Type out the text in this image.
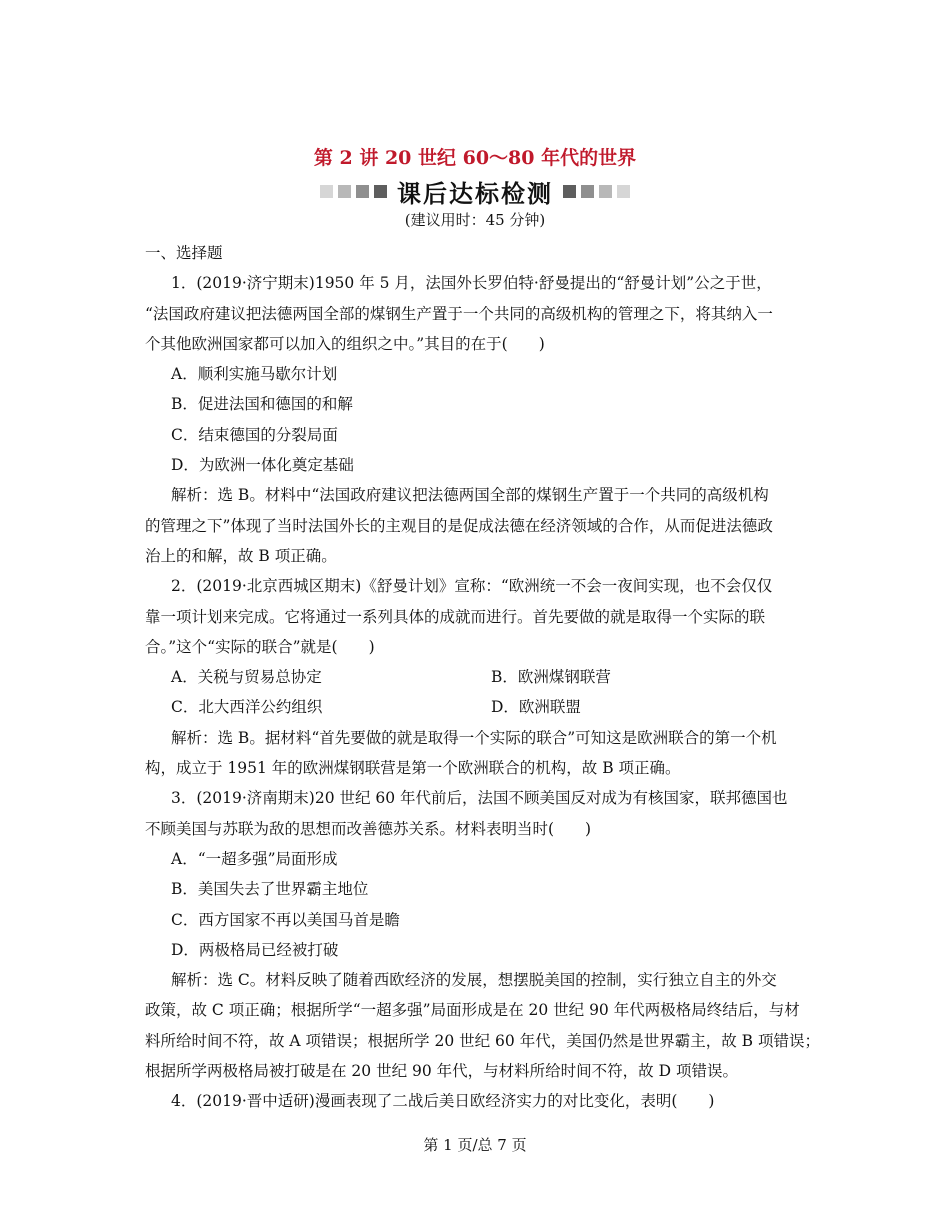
第 2 讲 20 世纪 60～80 年代的世界
课后达标检测
(建议用时：45 分钟)
一、选择题
1．(2019·济宁期末)1950 年 5 月，法国外长罗伯特·舒曼提出的“舒曼计划”公之于世，
“法国政府建议把法德两国全部的煤钢生产置于一个共同的高级机构的管理之下，将其纳入一
个其他欧洲国家都可以加入的组织之中。”其目的在于(　　)
A．顺利实施马歇尔计划
B．促进法国和德国的和解
C．结束德国的分裂局面
D．为欧洲一体化奠定基础
解析：选 B。材料中“法国政府建议把法德两国全部的煤钢生产置于一个共同的高级机构
的管理之下”体现了当时法国外长的主观目的是促成法德在经济领域的合作，从而促进法德政
治上的和解，故 B 项正确。
2．(2019·北京西城区期末)《舒曼计划》宣称：“欧洲统一不会一夜间实现，也不会仅仅
靠一项计划来完成。它将通过一系列具体的成就而进行。首先要做的就是取得一个实际的联
合。”这个“实际的联合”就是(　　)
A．关税与贸易总协定	B．欧洲煤钢联营
C．北大西洋公约组织	D．欧洲联盟
解析：选 B。据材料“首先要做的就是取得一个实际的联合”可知这是欧洲联合的第一个机
构，成立于 1951 年的欧洲煤钢联营是第一个欧洲联合的机构，故 B 项正确。
3．(2019·济南期末)20 世纪 60 年代前后，法国不顾美国反对成为有核国家，联邦德国也
不顾美国与苏联为敌的思想而改善德苏关系。材料表明当时(　　)
A．“一超多强”局面形成
B．美国失去了世界霸主地位
C．西方国家不再以美国马首是瞻
D．两极格局已经被打破
解析：选 C。材料反映了随着西欧经济的发展，想摆脱美国的控制，实行独立自主的外交
政策，故 C 项正确；根据所学“一超多强”局面形成是在 20 世纪 90 年代两极格局终结后，与材
料所给时间不符，故 A 项错误；根据所学 20 世纪 60 年代，美国仍然是世界霸主，故 B 项错误；
根据所学两极格局被打破是在 20 世纪 90 年代，与材料所给时间不符，故 D 项错误。
4．(2019·晋中适研)漫画表现了二战后美日欧经济实力的对比变化，表明(　　)
第 1 页/总 7 页
